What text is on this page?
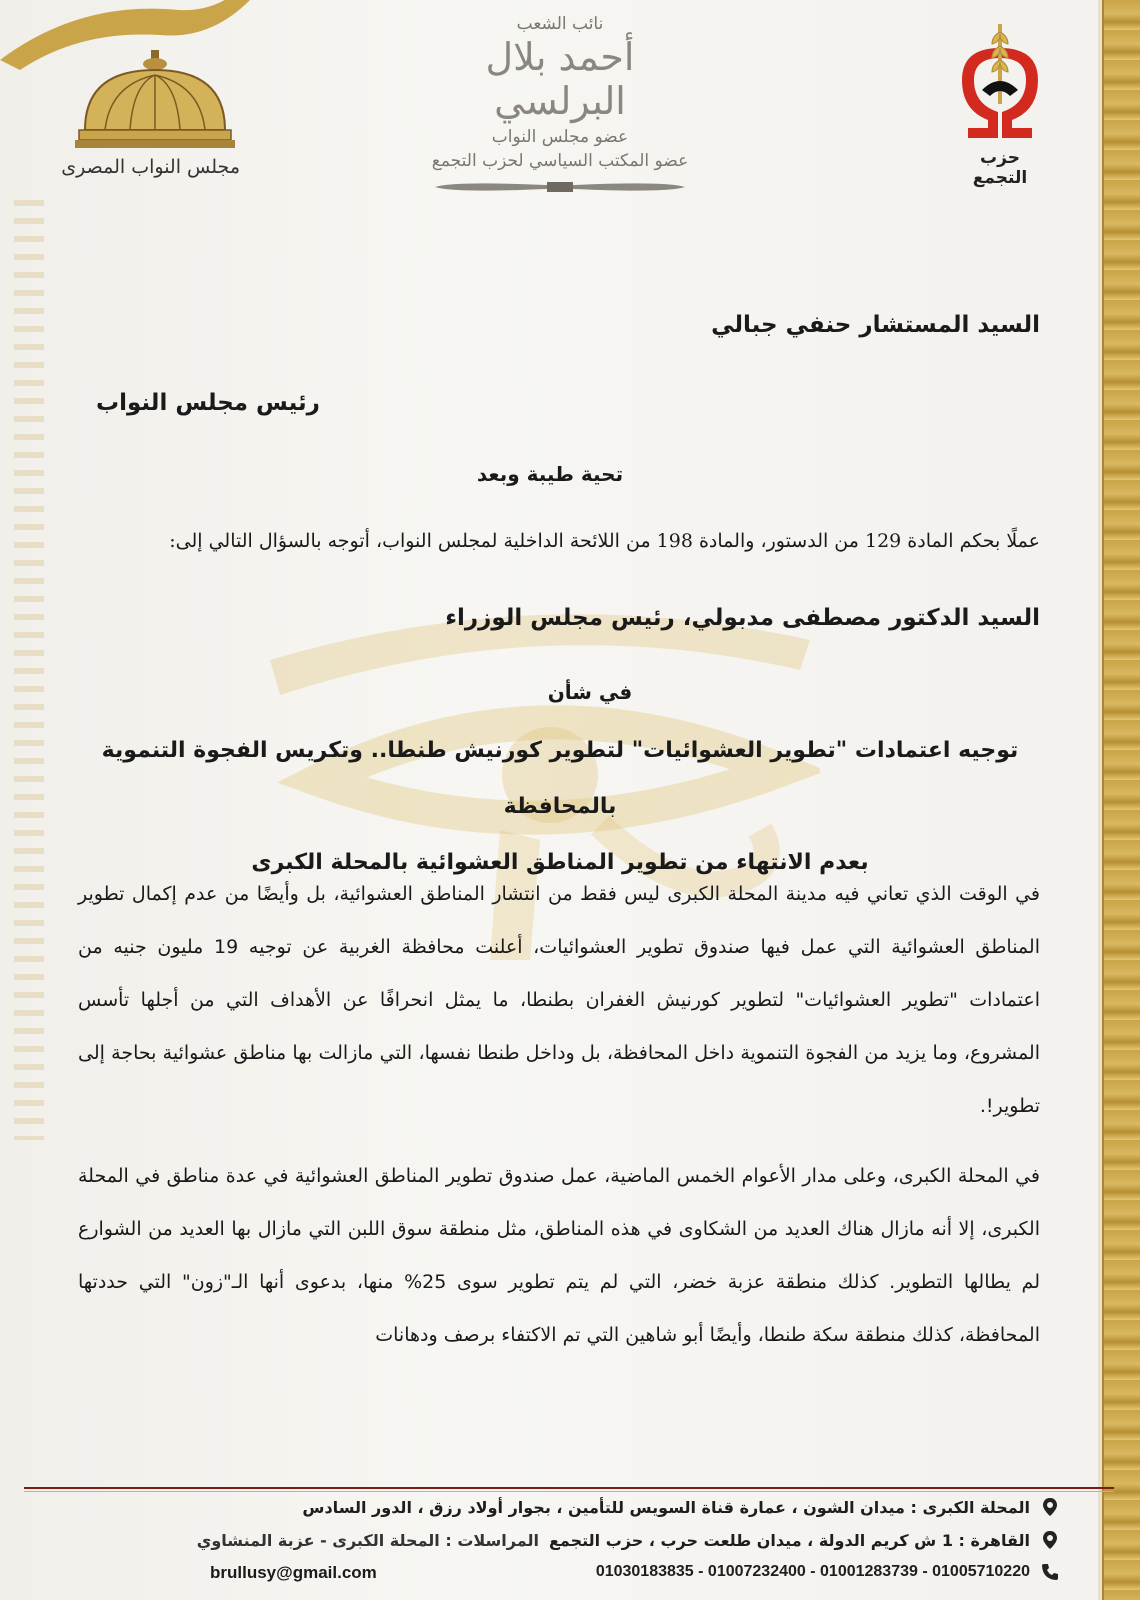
مجلس النواب المصرى
نائب الشعب
أحمد بلال البرلسي
عضو مجلس النواب
عضو المكتب السياسي لحزب التجمع	حزب التجمع
السيد المستشار حنفي جبالي
رئيس مجلس النواب
تحية طيبة وبعد
عملًا بحكم المادة 129 من الدستور، والمادة 198 من اللائحة الداخلية لمجلس النواب، أتوجه بالسؤال التالي إلى:
السيد الدكتور مصطفى مدبولي، رئيس مجلس الوزراء
في شأن
توجيه اعتمادات "تطوير العشوائيات" لتطوير كورنيش طنطا.. وتكريس الفجوة التنموية بالمحافظة
بعدم الانتهاء من تطوير المناطق العشوائية بالمحلة الكبرى
في الوقت الذي تعاني فيه مدينة المحلة الكبرى ليس فقط من انتشار المناطق العشوائية، بل وأيضًا من عدم إكمال تطوير المناطق العشوائية التي عمل فيها صندوق تطوير العشوائيات، أعلنت محافظة الغربية عن توجيه 19 مليون جنيه من اعتمادات "تطوير العشوائيات" لتطوير كورنيش الغفران بطنطا، ما يمثل انحرافًا عن الأهداف التي من أجلها تأسس المشروع، وما يزيد من الفجوة التنموية داخل المحافظة، بل وداخل طنطا نفسها، التي مازالت بها مناطق عشوائية بحاجة إلى تطوير!.
في المحلة الكبرى، وعلى مدار الأعوام الخمس الماضية، عمل صندوق تطوير المناطق العشوائية في عدة مناطق في المحلة الكبرى، إلا أنه مازال هناك العديد من الشكاوى في هذه المناطق، مثل منطقة سوق اللبن التي مازال بها العديد من الشوارع لم يطالها التطوير. كذلك منطقة عزبة خضر، التي لم يتم تطوير سوى 25% منها، بدعوى أنها الـ"زون" التي حددتها المحافظة، كذلك منطقة سكة طنطا، وأيضًا أبو شاهين التي تم الاكتفاء برصف ودهانات
المحلة الكبرى : ميدان الشون ، عمارة قناة السويس للتأمين ، بجوار أولاد رزق ، الدور السادس
القاهرة : 1 ش كريم الدولة ، ميدان طلعت حرب ، حزب التجمع
المراسلات : المحلة الكبرى - عزبة المنشاوي
01030183835 - 01007232400 - 01001283739 - 01005710220
brullusy@gmail.com
